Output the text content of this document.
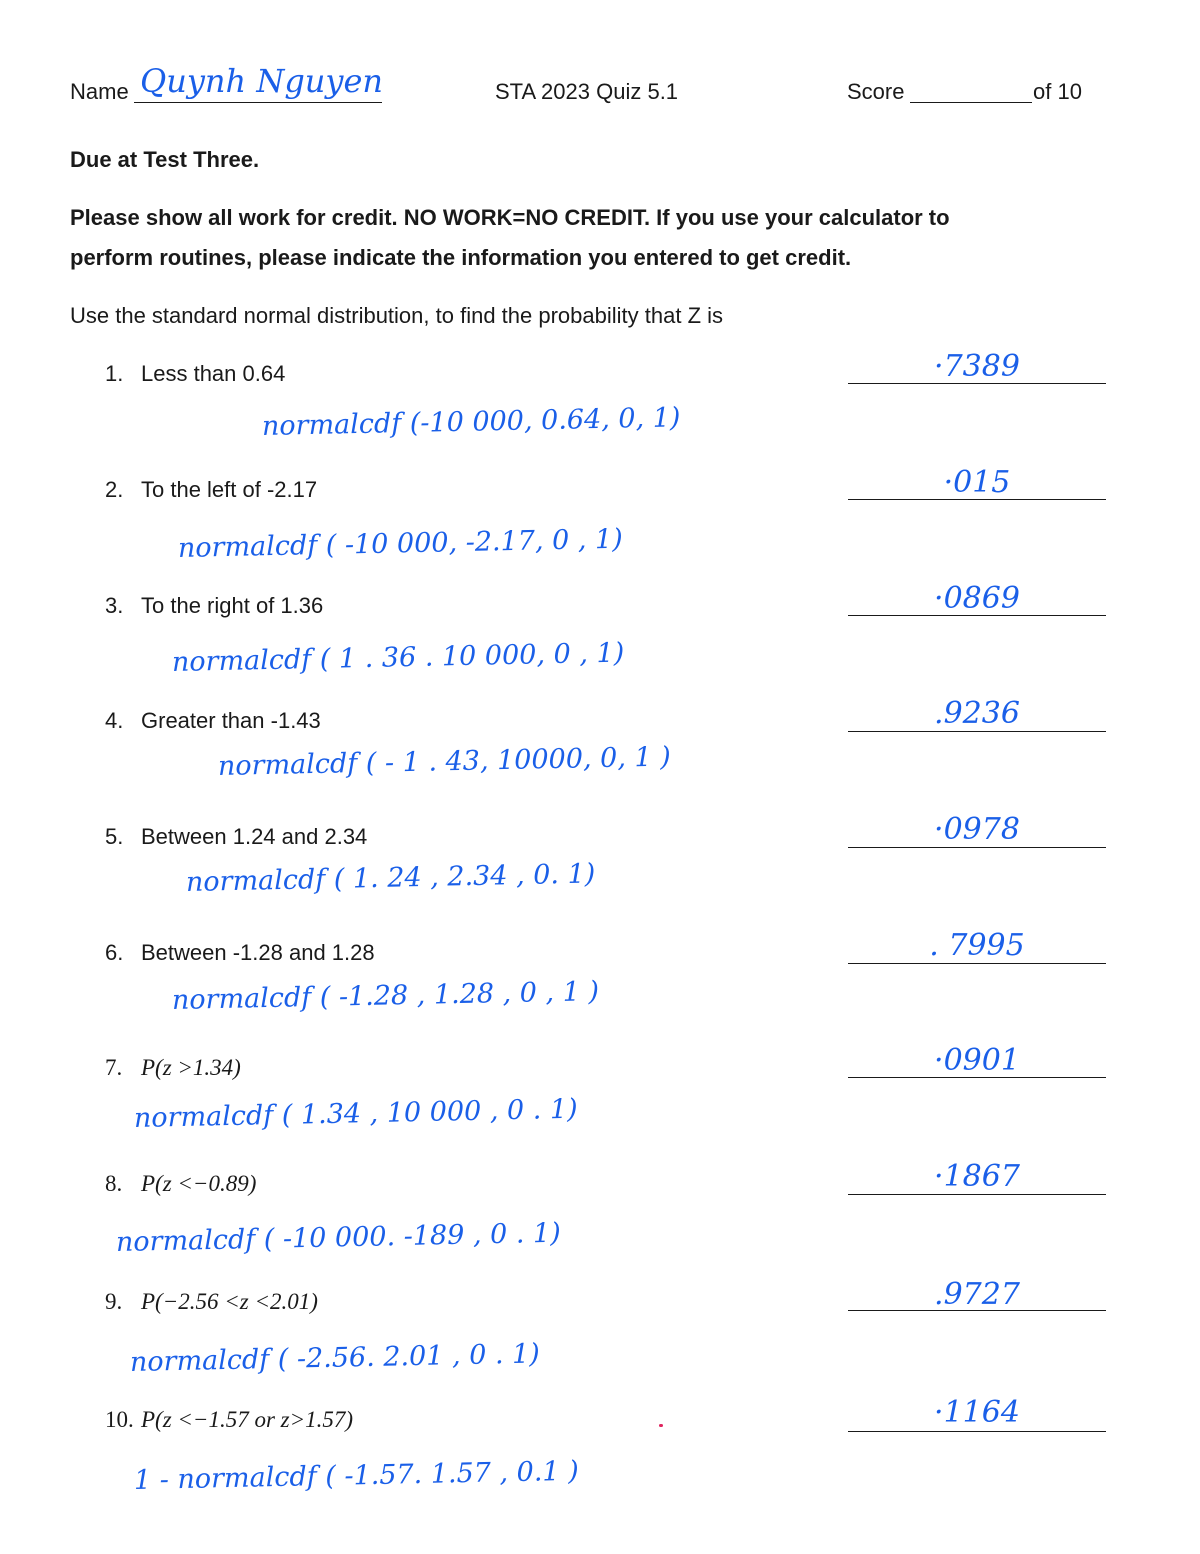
Name Quynh Nguyen	STA 2023 Quiz 5.1	Score	of 10
Due at Test Three.
Please show all work for credit. NO WORK=NO CREDIT. If you use your calculator to
perform routines, please indicate the information you entered to get credit.
Use the standard normal distribution, to find the probability that Z is
1. Less than 0.64	·7389
normalcdf (-10 000, 0.64, 0, 1)
2. To the left of -2.17	·015
normalcdf ( -10 000, -2.17, 0 , 1)
3. To the right of 1.36	·0869
normalcdf ( 1 . 36 . 10 000, 0 , 1)
4. Greater than -1.43	.9236
normalcdf ( - 1 . 43, 10000, 0, 1 )
5. Between 1.24 and 2.34	·0978
normalcdf ( 1. 24 , 2.34 , 0. 1)
6. Between -1.28 and 1.28	. 7995
normalcdf ( -1.28 , 1.28 , 0 , 1 )
7. P(z >1.34)	·0901
normalcdf ( 1.34 , 10 000 , 0 . 1)
8. P(z <−0.89)	·1867
normalcdf ( -10 000. -189 , 0 . 1)
9. P(−2.56 <z <2.01)	.9727
normalcdf ( -2.56. 2.01 , 0 . 1)
10. P(z <−1.57 or z>1.57)	·1164
1 - normalcdf ( -1.57. 1.57 , 0.1 )
